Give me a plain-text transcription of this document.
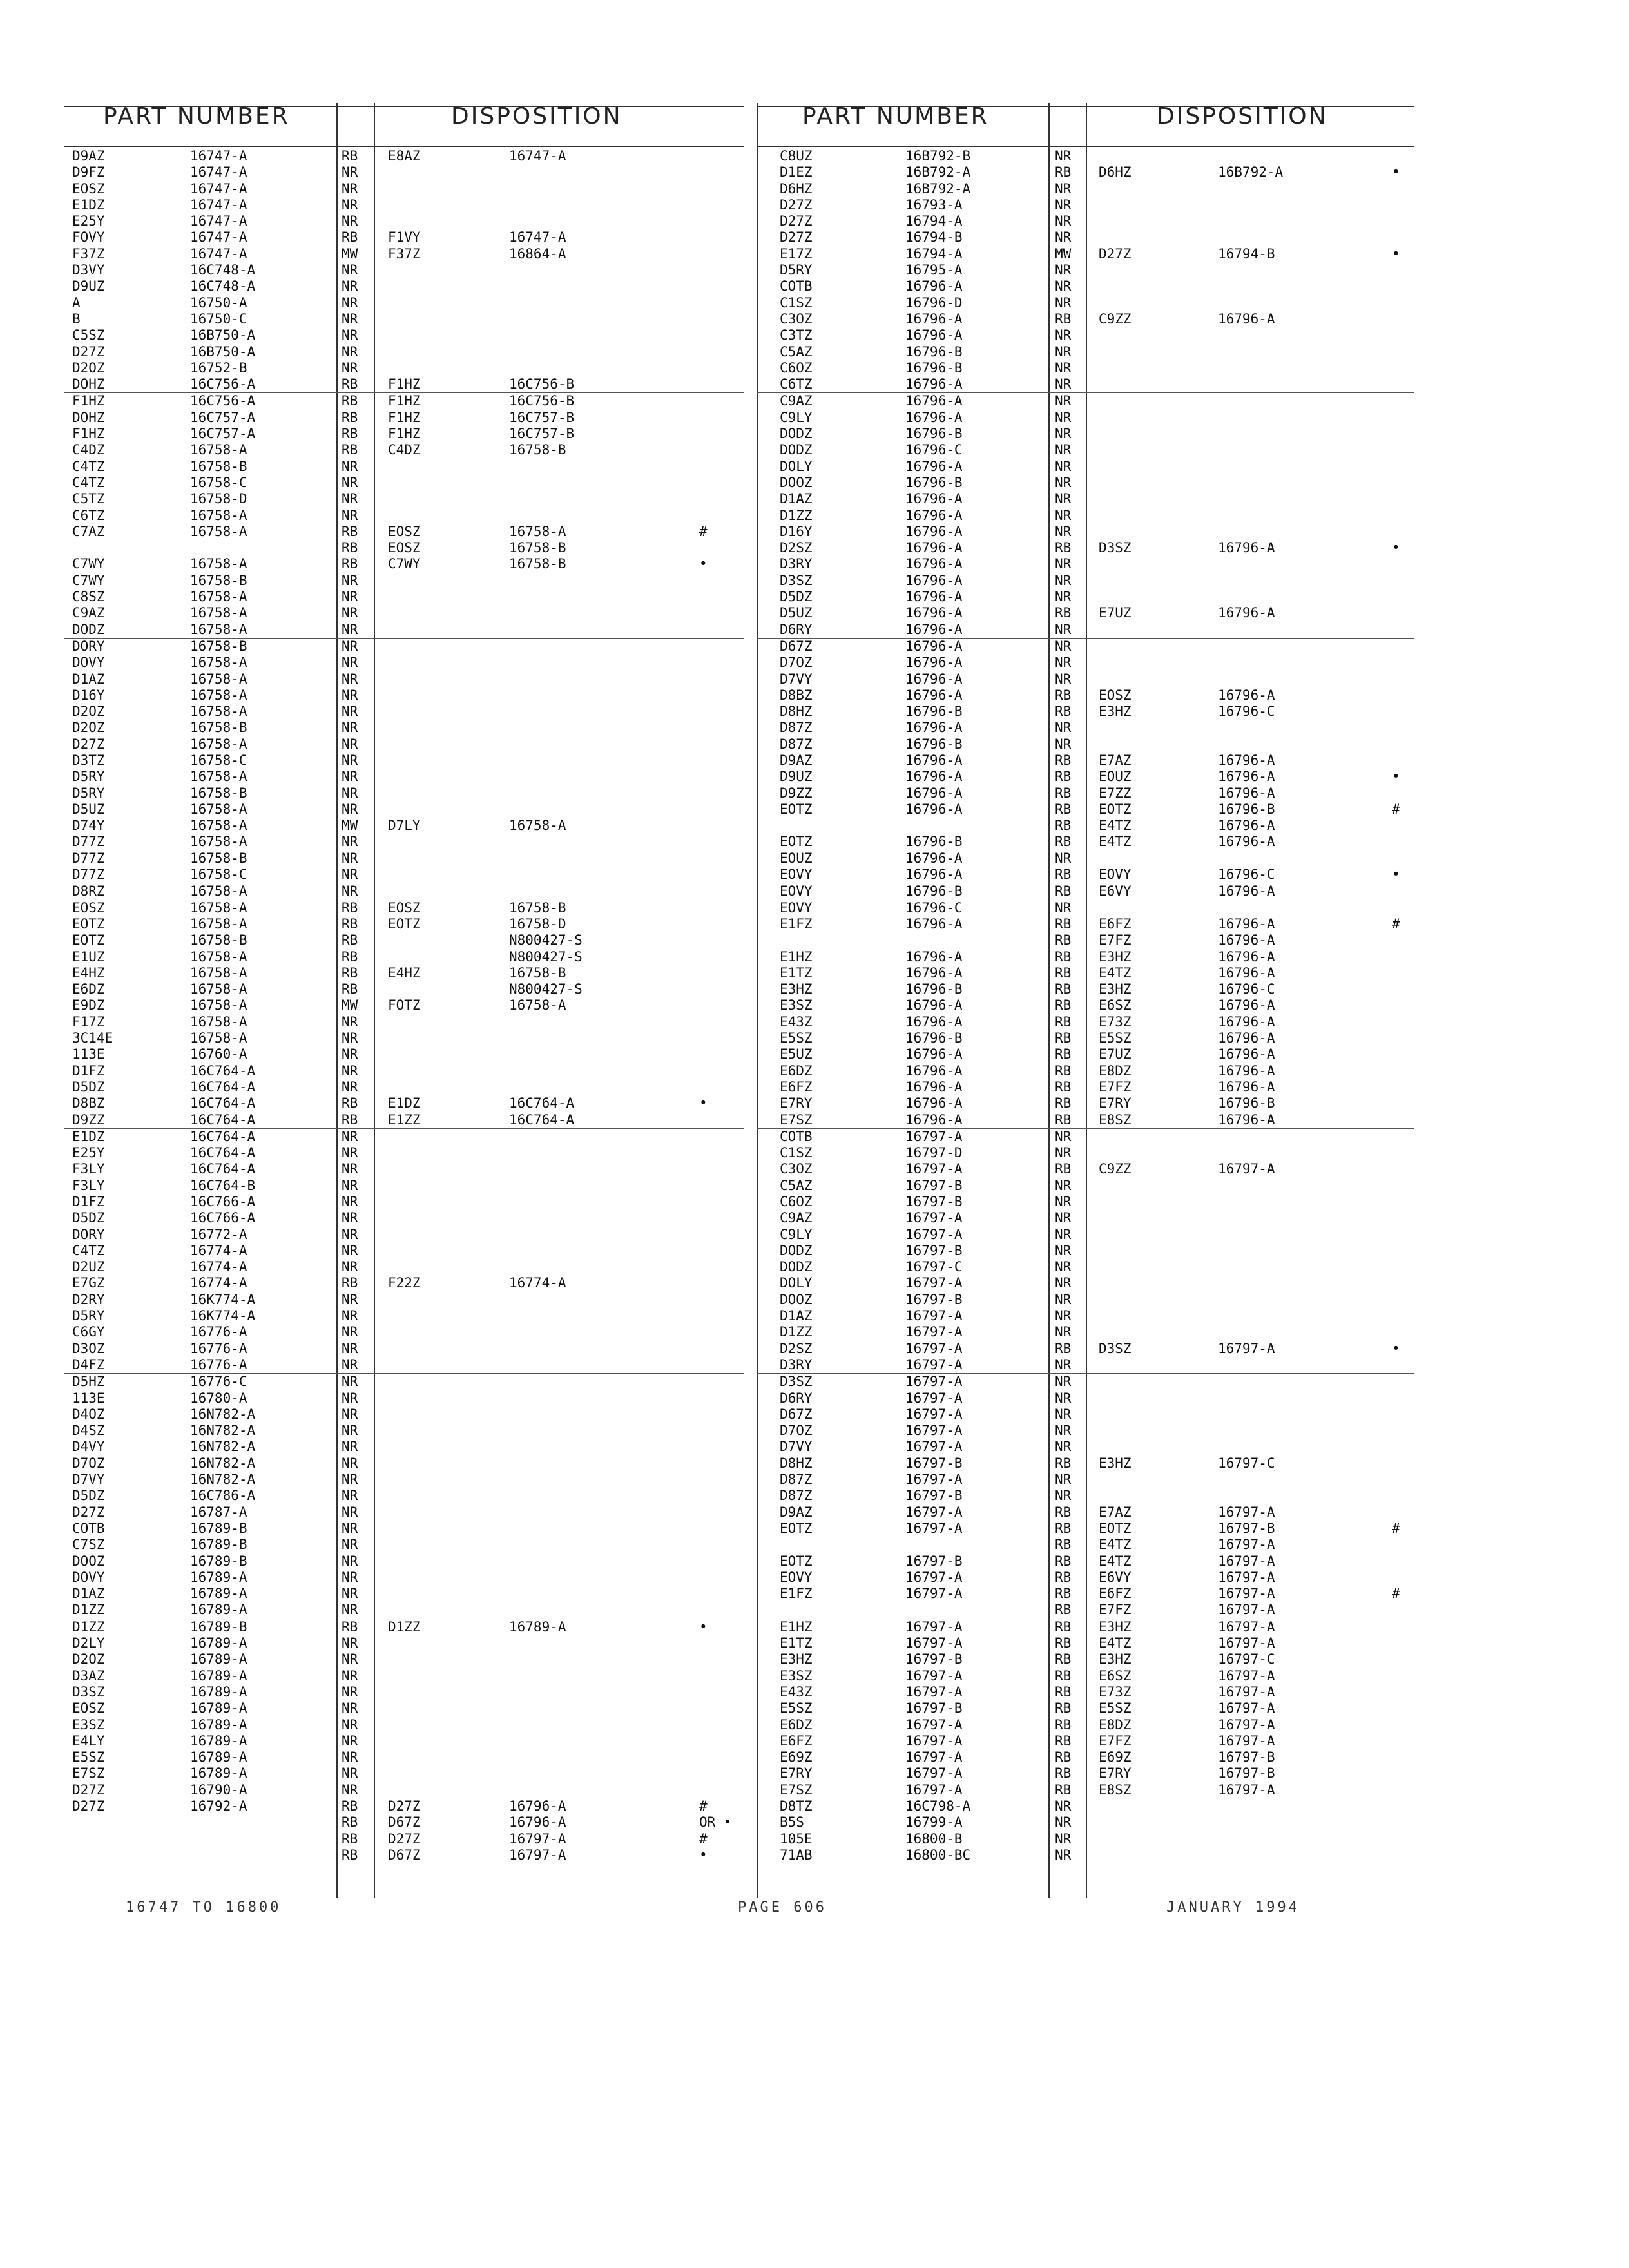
PART NUMBER	DISPOSITION
D9AZ	16747-A	RB E8AZ	16747-A
D9FZ	16747-A	NR
EOSZ	16747-A	NR
E1DZ	16747-A	NR
E25Y	16747-A	NR
FOVY	16747-A	RB F1VY	16747-A
F37Z	16747-A	MW F37Z	16864-A
D3VY	16C748-A	NR
D9UZ	16C748-A	NR
A	16750-A	NR
B	16750-C	NR
C5SZ	16B750-A	NR
D27Z	16B750-A	NR
D2OZ	16752-B	NR
DOHZ	16C756-A	RB F1HZ	16C756-B
F1HZ	16C756-A	RB F1HZ	16C756-B
DOHZ	16C757-A	RB F1HZ	16C757-B
F1HZ	16C757-A	RB F1HZ	16C757-B
C4DZ	16758-A	RB C4DZ	16758-B
C4TZ	16758-B	NR
C4TZ	16758-C	NR
C5TZ	16758-D	NR
C6TZ	16758-A	NR
C7AZ	16758-A	RB EOSZ	16758-A	#
RB EOSZ	16758-B
C7WY	16758-A	RB C7WY	16758-B	•
C7WY	16758-B	NR
C8SZ	16758-A	NR
C9AZ	16758-A	NR
DODZ	16758-A	NR
DORY	16758-B	NR
DOVY	16758-A	NR
D1AZ	16758-A	NR
D16Y	16758-A	NR
D2OZ	16758-A	NR
D2OZ	16758-B	NR
D27Z	16758-A	NR
D3TZ	16758-C	NR
D5RY	16758-A	NR
D5RY	16758-B	NR
D5UZ	16758-A	NR
D74Y	16758-A	MW D7LY	16758-A
D77Z	16758-A	NR
D77Z	16758-B	NR
D77Z	16758-C	NR
D8RZ	16758-A	NR
EOSZ	16758-A	RB EOSZ	16758-B
EOTZ	16758-A	RB EOTZ	16758-D
EOTZ	16758-B	RB	N800427-S
E1UZ	16758-A	RB	N800427-S
E4HZ	16758-A	RB E4HZ	16758-B
E6DZ	16758-A	RB	N800427-S
E9DZ	16758-A	MW FOTZ	16758-A
F17Z	16758-A	NR
3C14E	16758-A	NR
113E	16760-A	NR
D1FZ	16C764-A	NR
D5DZ	16C764-A	NR
D8BZ	16C764-A	RB E1DZ	16C764-A	•
D9ZZ	16C764-A	RB E1ZZ	16C764-A
E1DZ	16C764-A	NR
E25Y	16C764-A	NR
F3LY	16C764-A	NR
F3LY	16C764-B	NR
D1FZ	16C766-A	NR
D5DZ	16C766-A	NR
DORY	16772-A	NR
C4TZ	16774-A	NR
D2UZ	16774-A	NR
E7GZ	16774-A	RB F22Z	16774-A
D2RY	16K774-A	NR
D5RY	16K774-A	NR
C6GY	16776-A	NR
D3OZ	16776-A	NR
D4FZ	16776-A	NR
D5HZ	16776-C	NR
113E	16780-A	NR
D4OZ	16N782-A	NR
D4SZ	16N782-A	NR
D4VY	16N782-A	NR
D7OZ	16N782-A	NR
D7VY	16N782-A	NR
D5DZ	16C786-A	NR
D27Z	16787-A	NR
COTB	16789-B	NR
C7SZ	16789-B	NR
DOOZ	16789-B	NR
DOVY	16789-A	NR
D1AZ	16789-A	NR
D1ZZ	16789-A	NR
D1ZZ	16789-B	RB D1ZZ	16789-A	•
D2LY	16789-A	NR
D2OZ	16789-A	NR
D3AZ	16789-A	NR
D3SZ	16789-A	NR
EOSZ	16789-A	NR
E3SZ	16789-A	NR
E4LY	16789-A	NR
E5SZ	16789-A	NR
E7SZ	16789-A	NR
D27Z	16790-A	NR
D27Z	16792-A	RB D27Z	16796-A	#
RB D67Z	16796-A	OR •
RB D27Z	16797-A	#
RB D67Z	16797-A	•
PART NUMBER	DISPOSITION
C8UZ	16B792-B	NR
D1EZ	16B792-A	RB D6HZ	16B792-A	•
D6HZ	16B792-A	NR
D27Z	16793-A	NR
D27Z	16794-A	NR
D27Z	16794-B	NR
E17Z	16794-A	MW D27Z	16794-B	•
D5RY	16795-A	NR
COTB	16796-A	NR
C1SZ	16796-D	NR
C3OZ	16796-A	RB C9ZZ	16796-A
C3TZ	16796-A	NR
C5AZ	16796-B	NR
C6OZ	16796-B	NR
C6TZ	16796-A	NR
C9AZ	16796-A	NR
C9LY	16796-A	NR
DODZ	16796-B	NR
DODZ	16796-C	NR
DOLY	16796-A	NR
DOOZ	16796-B	NR
D1AZ	16796-A	NR
D1ZZ	16796-A	NR
D16Y	16796-A	NR
D2SZ	16796-A	RB D3SZ	16796-A	•
D3RY	16796-A	NR
D3SZ	16796-A	NR
D5DZ	16796-A	NR
D5UZ	16796-A	RB E7UZ	16796-A
D6RY	16796-A	NR
D67Z	16796-A	NR
D7OZ	16796-A	NR
D7VY	16796-A	NR
D8BZ	16796-A	RB EOSZ	16796-A
D8HZ	16796-B	RB E3HZ	16796-C
D87Z	16796-A	NR
D87Z	16796-B	NR
D9AZ	16796-A	RB E7AZ	16796-A
D9UZ	16796-A	RB EOUZ	16796-A	•
D9ZZ	16796-A	RB E7ZZ	16796-A
EOTZ	16796-A	RB EOTZ	16796-B	#
RB E4TZ	16796-A
EOTZ	16796-B	RB E4TZ	16796-A
EOUZ	16796-A	NR
EOVY	16796-A	RB EOVY	16796-C	•
EOVY	16796-B	RB E6VY	16796-A
EOVY	16796-C	NR
E1FZ	16796-A	RB E6FZ	16796-A	#
RB E7FZ	16796-A
E1HZ	16796-A	RB E3HZ	16796-A
E1TZ	16796-A	RB E4TZ	16796-A
E3HZ	16796-B	RB E3HZ	16796-C
E3SZ	16796-A	RB E6SZ	16796-A
E43Z	16796-A	RB E73Z	16796-A
E5SZ	16796-B	RB E5SZ	16796-A
E5UZ	16796-A	RB E7UZ	16796-A
E6DZ	16796-A	RB E8DZ	16796-A
E6FZ	16796-A	RB E7FZ	16796-A
E7RY	16796-A	RB E7RY	16796-B
E7SZ	16796-A	RB E8SZ	16796-A
COTB	16797-A	NR
C1SZ	16797-D	NR
C3OZ	16797-A	RB C9ZZ	16797-A
C5AZ	16797-B	NR
C6OZ	16797-B	NR
C9AZ	16797-A	NR
C9LY	16797-A	NR
DODZ	16797-B	NR
DODZ	16797-C	NR
DOLY	16797-A	NR
DOOZ	16797-B	NR
D1AZ	16797-A	NR
D1ZZ	16797-A	NR
D2SZ	16797-A	RB D3SZ	16797-A	•
D3RY	16797-A	NR
D3SZ	16797-A	NR
D6RY	16797-A	NR
D67Z	16797-A	NR
D7OZ	16797-A	NR
D7VY	16797-A	NR
D8HZ	16797-B	RB E3HZ	16797-C
D87Z	16797-A	NR
D87Z	16797-B	NR
D9AZ	16797-A	RB E7AZ	16797-A
EOTZ	16797-A	RB EOTZ	16797-B	#
RB E4TZ	16797-A
EOTZ	16797-B	RB E4TZ	16797-A
EOVY	16797-A	RB E6VY	16797-A
E1FZ	16797-A	RB E6FZ	16797-A	#
RB E7FZ	16797-A
E1HZ	16797-A	RB E3HZ	16797-A
E1TZ	16797-A	RB E4TZ	16797-A
E3HZ	16797-B	RB E3HZ	16797-C
E3SZ	16797-A	RB E6SZ	16797-A
E43Z	16797-A	RB E73Z	16797-A
E5SZ	16797-B	RB E5SZ	16797-A
E6DZ	16797-A	RB E8DZ	16797-A
E6FZ	16797-A	RB E7FZ	16797-A
E69Z	16797-A	RB E69Z	16797-B
E7RY	16797-A	RB E7RY	16797-B
E7SZ	16797-A	RB E8SZ	16797-A
D8TZ	16C798-A	NR
B5S	16799-A	NR
105E	16800-B	NR
71AB	16800-BC	NR
16747 TO 16800	PAGE 606	JANUARY 1994
